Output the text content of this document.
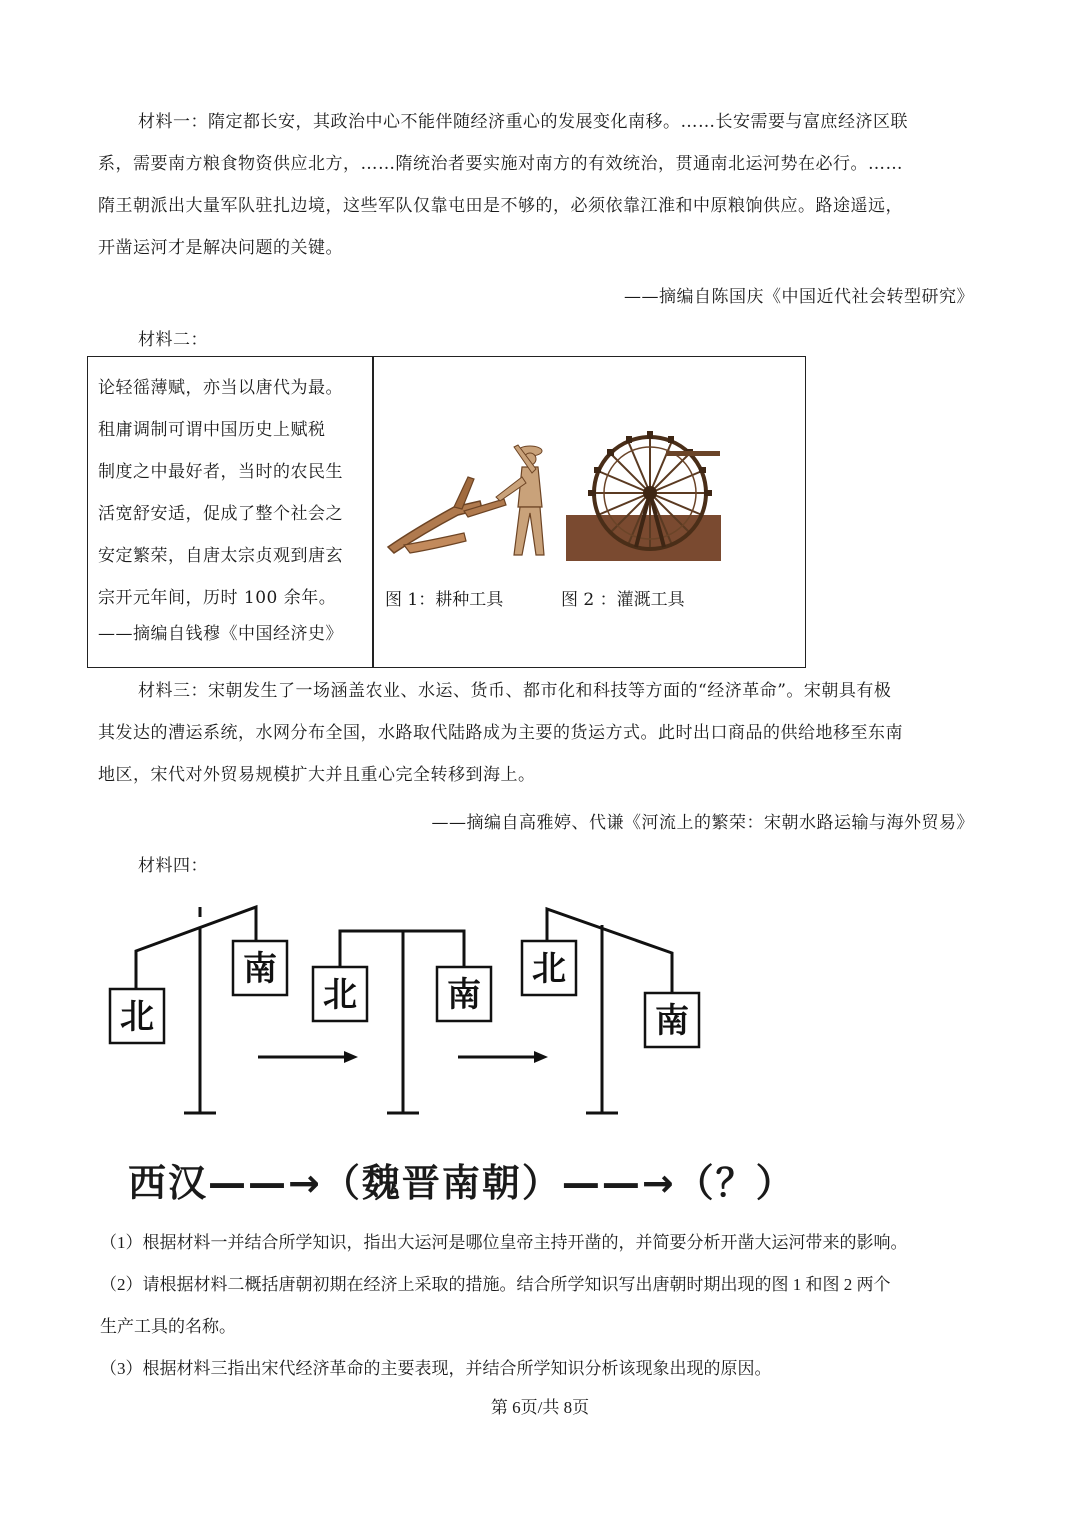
材料一：隋定都长安，其政治中心不能伴随经济重心的发展变化南移。……长安需要与富庶经济区联
系，需要南方粮食物资供应北方，……隋统治者要实施对南方的有效统治，贯通南北运河势在必行。……
隋王朝派出大量军队驻扎边境，这些军队仅靠屯田是不够的，必须依靠江淮和中原粮饷供应。路途遥远，
开凿运河才是解决问题的关键。
——摘编自陈国庆《中国近代社会转型研究》
材料二：
论轻徭薄赋，亦当以唐代为最。
租庸调制可谓中国历史上赋税
制度之中最好者，当时的农民生
活宽舒安适，促成了整个社会之
安定繁荣，自唐太宗贞观到唐玄
宗开元年间，历时 100 余年。
——摘编自钱穆《中国经济史》
图 1：耕种工具	图 2 ：灌溉工具
材料三：宋朝发生了一场涵盖农业、水运、货币、都市化和科技等方面的“经济革命”。宋朝具有极
其发达的漕运系统，水网分布全国，水路取代陆路成为主要的货运方式。此时出口商品的供给地移至东南
地区，宋代对外贸易规模扩大并且重心完全转移到海上。
——摘编自高雅婷、代谦《河流上的繁荣：宋朝水路运输与海外贸易》
材料四：
北
南
北	南
北
南
西汉——→（魏晋南朝）——→（？）
（1）根据材料一并结合所学知识，指出大运河是哪位皇帝主持开凿的，并简要分析开凿大运河带来的影响。
（2）请根据材料二概括唐朝初期在经济上采取的措施。结合所学知识写出唐朝时期出现的图 1 和图 2 两个
生产工具的名称。
（3）根据材料三指出宋代经济革命的主要表现，并结合所学知识分析该现象出现的原因。
第 6页/共 8页
